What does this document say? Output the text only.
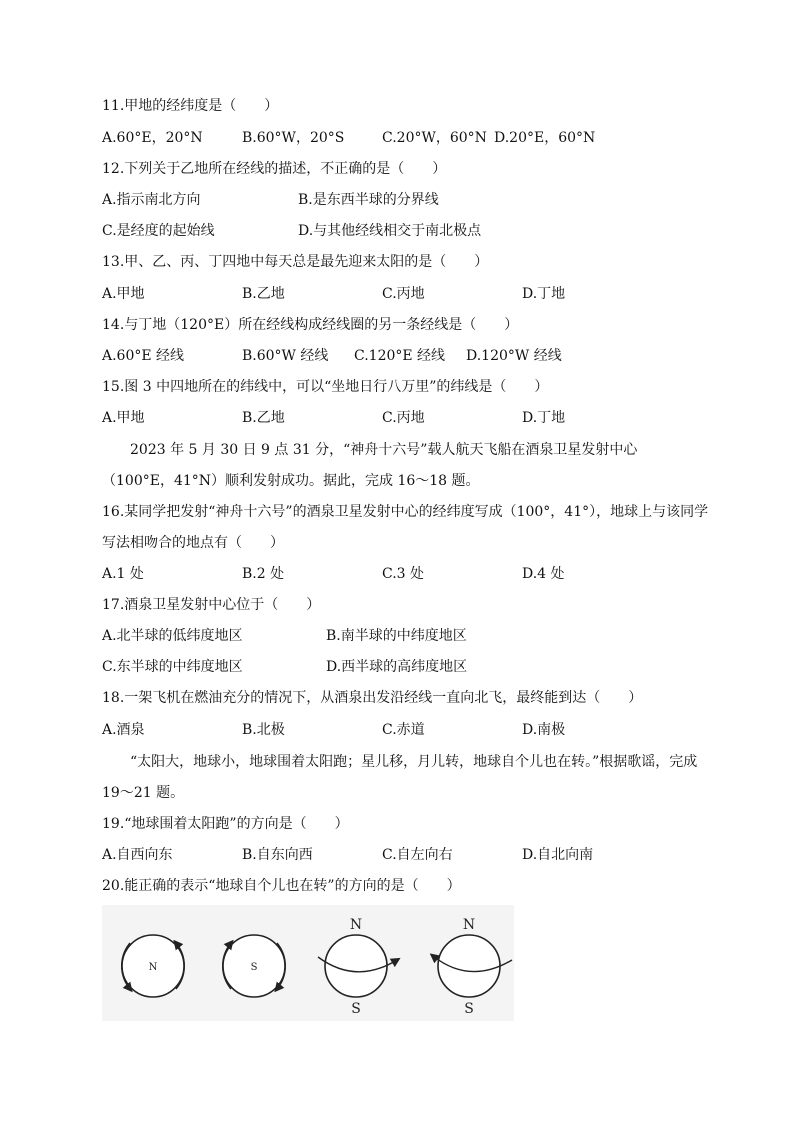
11.甲地的经纬度是（　　）
A.60°E，20°N	B.60°W，20°S	C.20°W，60°N D.20°E，60°N
12.下列关于乙地所在经线的描述，不正确的是（　　）
A.指示南北方向	B.是东西半球的分界线
C.是经度的起始线	D.与其他经线相交于南北极点
13.甲、乙、丙、丁四地中每天总是最先迎来太阳的是（　　）
A.甲地	B.乙地	C.丙地	D.丁地
14.与丁地（120°E）所在经线构成经线圈的另一条经线是（　　）
A.60°E 经线	B.60°W 经线 C.120°E 经线 D.120°W 经线
15.图 3 中四地所在的纬线中，可以“坐地日行八万里”的纬线是（　　）
A.甲地	B.乙地	C.丙地	D.丁地
2023 年 5 月 30 日 9 点 31 分，“神舟十六号”载人航天飞船在酒泉卫星发射中心（100°E，41°N）顺利发射成功。据此，完成 16～18 题。
16.某同学把发射“神舟十六号”的酒泉卫星发射中心的经纬度写成（100°，41°），地球上与该同学
写法相吻合的地点有（　　）
A.1 处	B.2 处	C.3 处	D.4 处
17.酒泉卫星发射中心位于（　　）
A.北半球的低纬度地区	B.南半球的中纬度地区
C.东半球的中纬度地区	D.西半球的高纬度地区
18.一架飞机在燃油充分的情况下，从酒泉出发沿经线一直向北飞，最终能到达（　　）
A.酒泉	B.北极	C.赤道	D.南极
“太阳大，地球小，地球围着太阳跑；星儿移，月儿转，地球自个儿也在转。”根据歌谣，完成 19～21 题。
19.“地球围着太阳跑”的方向是（　　）
A.自西向东	B.自东向西	C.自左向右	D.自北向南
20.能正确的表示“地球自个儿也在转”的方向的是（　　）
N	S
N
S
N
S
